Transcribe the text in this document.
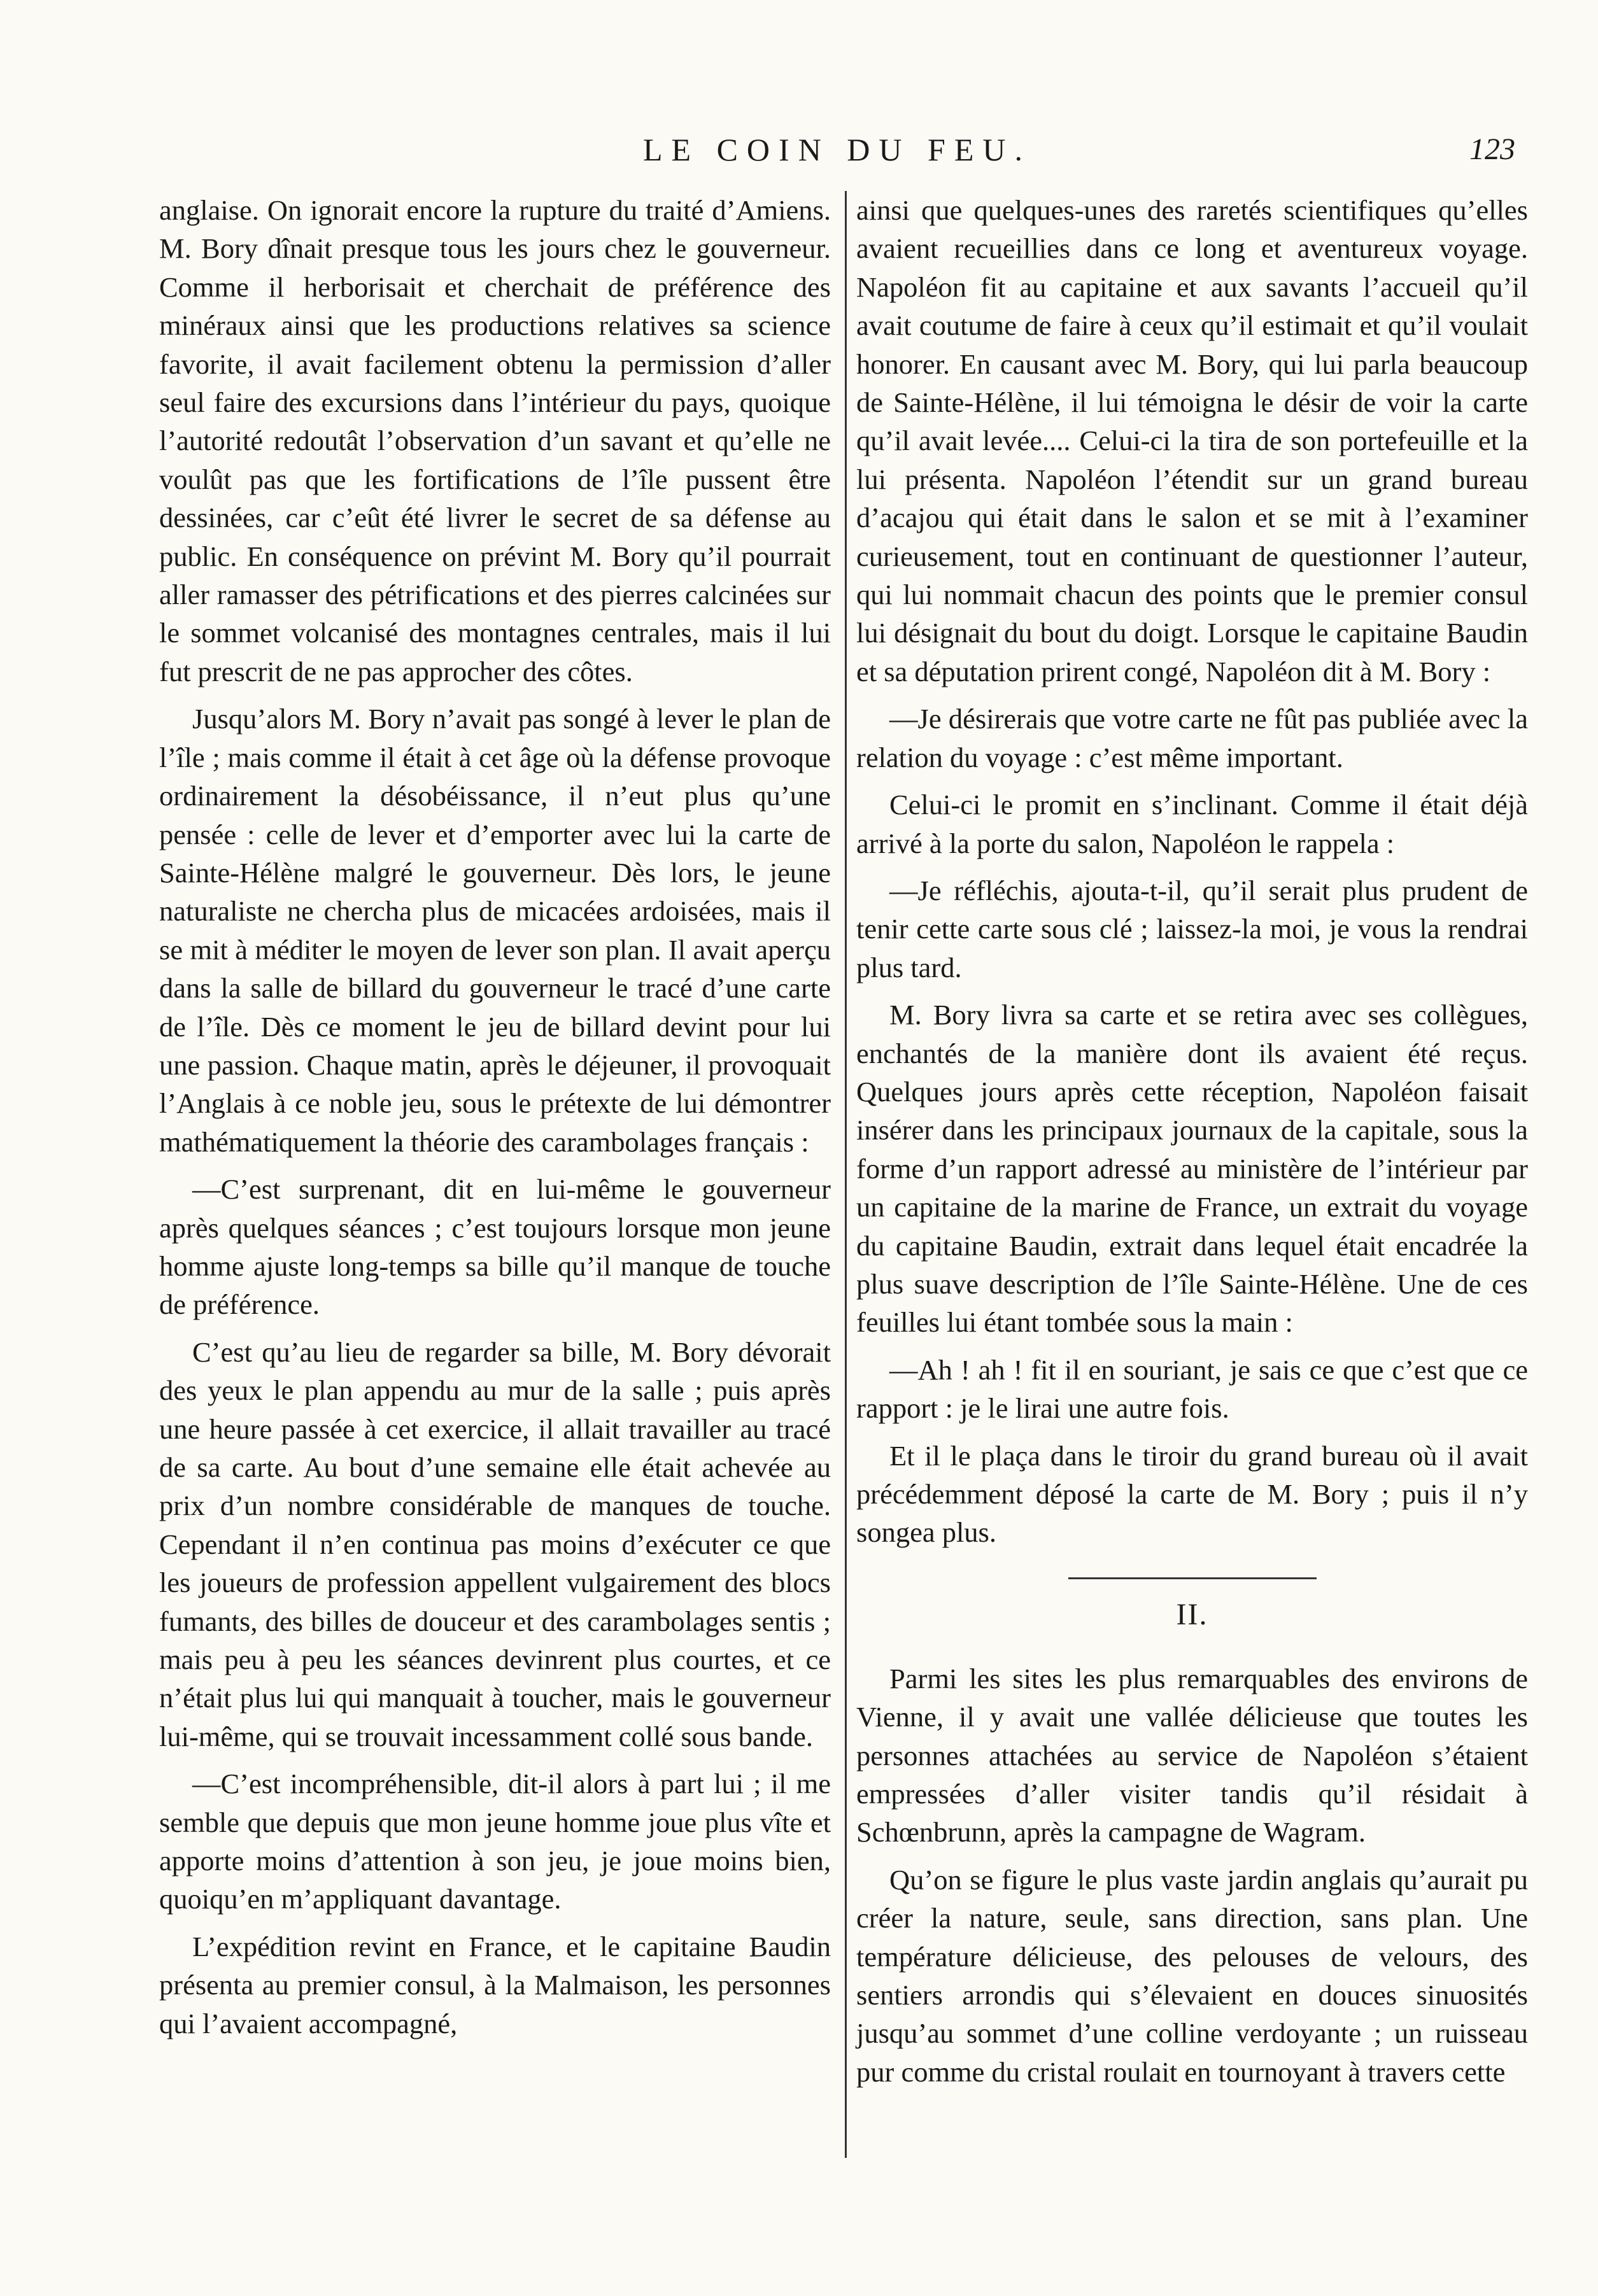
LE COIN DU FEU.	123

anglaise. On ignorait encore la rupture du traité d’Amiens. M. Bory dînait presque tous les jours chez le gouverneur. Comme il herborisait et cherchait de préférence des minéraux ainsi que les productions relatives sa science favorite, il avait facilement obtenu la permission d’aller seul faire des excursions dans l’intérieur du pays, quoique l’autorité redoutât l’observation d’un savant et qu’elle ne voulût pas que les fortifications de l’île pussent être dessinées, car c’eût été livrer le secret de sa défense au public. En conséquence on prévint M. Bory qu’il pourrait aller ramasser des pétrifications et des pierres calcinées sur le sommet volcanisé des montagnes centrales, mais il lui fut prescrit de ne pas approcher des côtes.

Jusqu’alors M. Bory n’avait pas songé à lever le plan de l’île ; mais comme il était à cet âge où la défense provoque ordinairement la désobéissance, il n’eut plus qu’une pensée : celle de lever et d’emporter avec lui la carte de Sainte-Hélène malgré le gouverneur. Dès lors, le jeune naturaliste ne chercha plus de micacées ardoisées, mais il se mit à méditer le moyen de lever son plan. Il avait aperçu dans la salle de billard du gouverneur le tracé d’une carte de l’île. Dès ce moment le jeu de billard devint pour lui une passion. Chaque matin, après le déjeuner, il provoquait l’Anglais à ce noble jeu, sous le prétexte de lui démontrer mathématiquement la théorie des carambolages français :

—C’est surprenant, dit en lui-même le gouverneur après quelques séances ; c’est toujours lorsque mon jeune homme ajuste long-temps sa bille qu’il manque de touche de préférence.

C’est qu’au lieu de regarder sa bille, M. Bory dévorait des yeux le plan appendu au mur de la salle ; puis après une heure passée à cet exercice, il allait travailler au tracé de sa carte. Au bout d’une semaine elle était achevée au prix d’un nombre considérable de manques de touche. Cependant il n’en continua pas moins d’exécuter ce que les joueurs de profession appellent vulgairement des blocs fumants, des billes de douceur et des carambolages sentis ; mais peu à peu les séances devinrent plus courtes, et ce n’était plus lui qui manquait à toucher, mais le gouverneur lui-même, qui se trouvait incessamment collé sous bande.

—C’est incompréhensible, dit-il alors à part lui ; il me semble que depuis que mon jeune homme joue plus vîte et apporte moins d’attention à son jeu, je joue moins bien, quoiqu’en m’appliquant davantage.

L’expédition revint en France, et le capitaine Baudin présenta au premier consul, à la Malmaison, les personnes qui l’avaient accompagné,

ainsi que quelques-unes des raretés scientifiques qu’elles avaient recueillies dans ce long et aventureux voyage. Napoléon fit au capitaine et aux savants l’accueil qu’il avait coutume de faire à ceux qu’il estimait et qu’il voulait honorer. En causant avec M. Bory, qui lui parla beaucoup de Sainte-Hélène, il lui témoigna le désir de voir la carte qu’il avait levée.... Celui-ci la tira de son portefeuille et la lui présenta. Napoléon l’étendit sur un grand bureau d’acajou qui était dans le salon et se mit à l’examiner curieusement, tout en continuant de questionner l’auteur, qui lui nommait chacun des points que le premier consul lui désignait du bout du doigt. Lorsque le capitaine Baudin et sa députation prirent congé, Napoléon dit à M. Bory :

—Je désirerais que votre carte ne fût pas publiée avec la relation du voyage : c’est même important.

Celui-ci le promit en s’inclinant. Comme il était déjà arrivé à la porte du salon, Napoléon le rappela :

—Je réfléchis, ajouta-t-il, qu’il serait plus prudent de tenir cette carte sous clé ; laissez-la moi, je vous la rendrai plus tard.

M. Bory livra sa carte et se retira avec ses collègues, enchantés de la manière dont ils avaient été reçus. Quelques jours après cette réception, Napoléon faisait insérer dans les principaux journaux de la capitale, sous la forme d’un rapport adressé au ministère de l’intérieur par un capitaine de la marine de France, un extrait du voyage du capitaine Baudin, extrait dans lequel était encadrée la plus suave description de l’île Sainte-Hélène. Une de ces feuilles lui étant tombée sous la main :

—Ah ! ah ! fit il en souriant, je sais ce que c’est que ce rapport : je le lirai une autre fois.

Et il le plaça dans le tiroir du grand bureau où il avait précédemment déposé la carte de M. Bory ; puis il n’y songea plus.

II.

Parmi les sites les plus remarquables des environs de Vienne, il y avait une vallée délicieuse que toutes les personnes attachées au service de Napoléon s’étaient empressées d’aller visiter tandis qu’il résidait à Schœnbrunn, après la campagne de Wagram.

Qu’on se figure le plus vaste jardin anglais qu’aurait pu créer la nature, seule, sans direction, sans plan. Une température délicieuse, des pelouses de velours, des sentiers arrondis qui s’élevaient en douces sinuosités jusqu’au sommet d’une colline verdoyante ; un ruisseau pur comme du cristal roulait en tournoyant à travers cette
